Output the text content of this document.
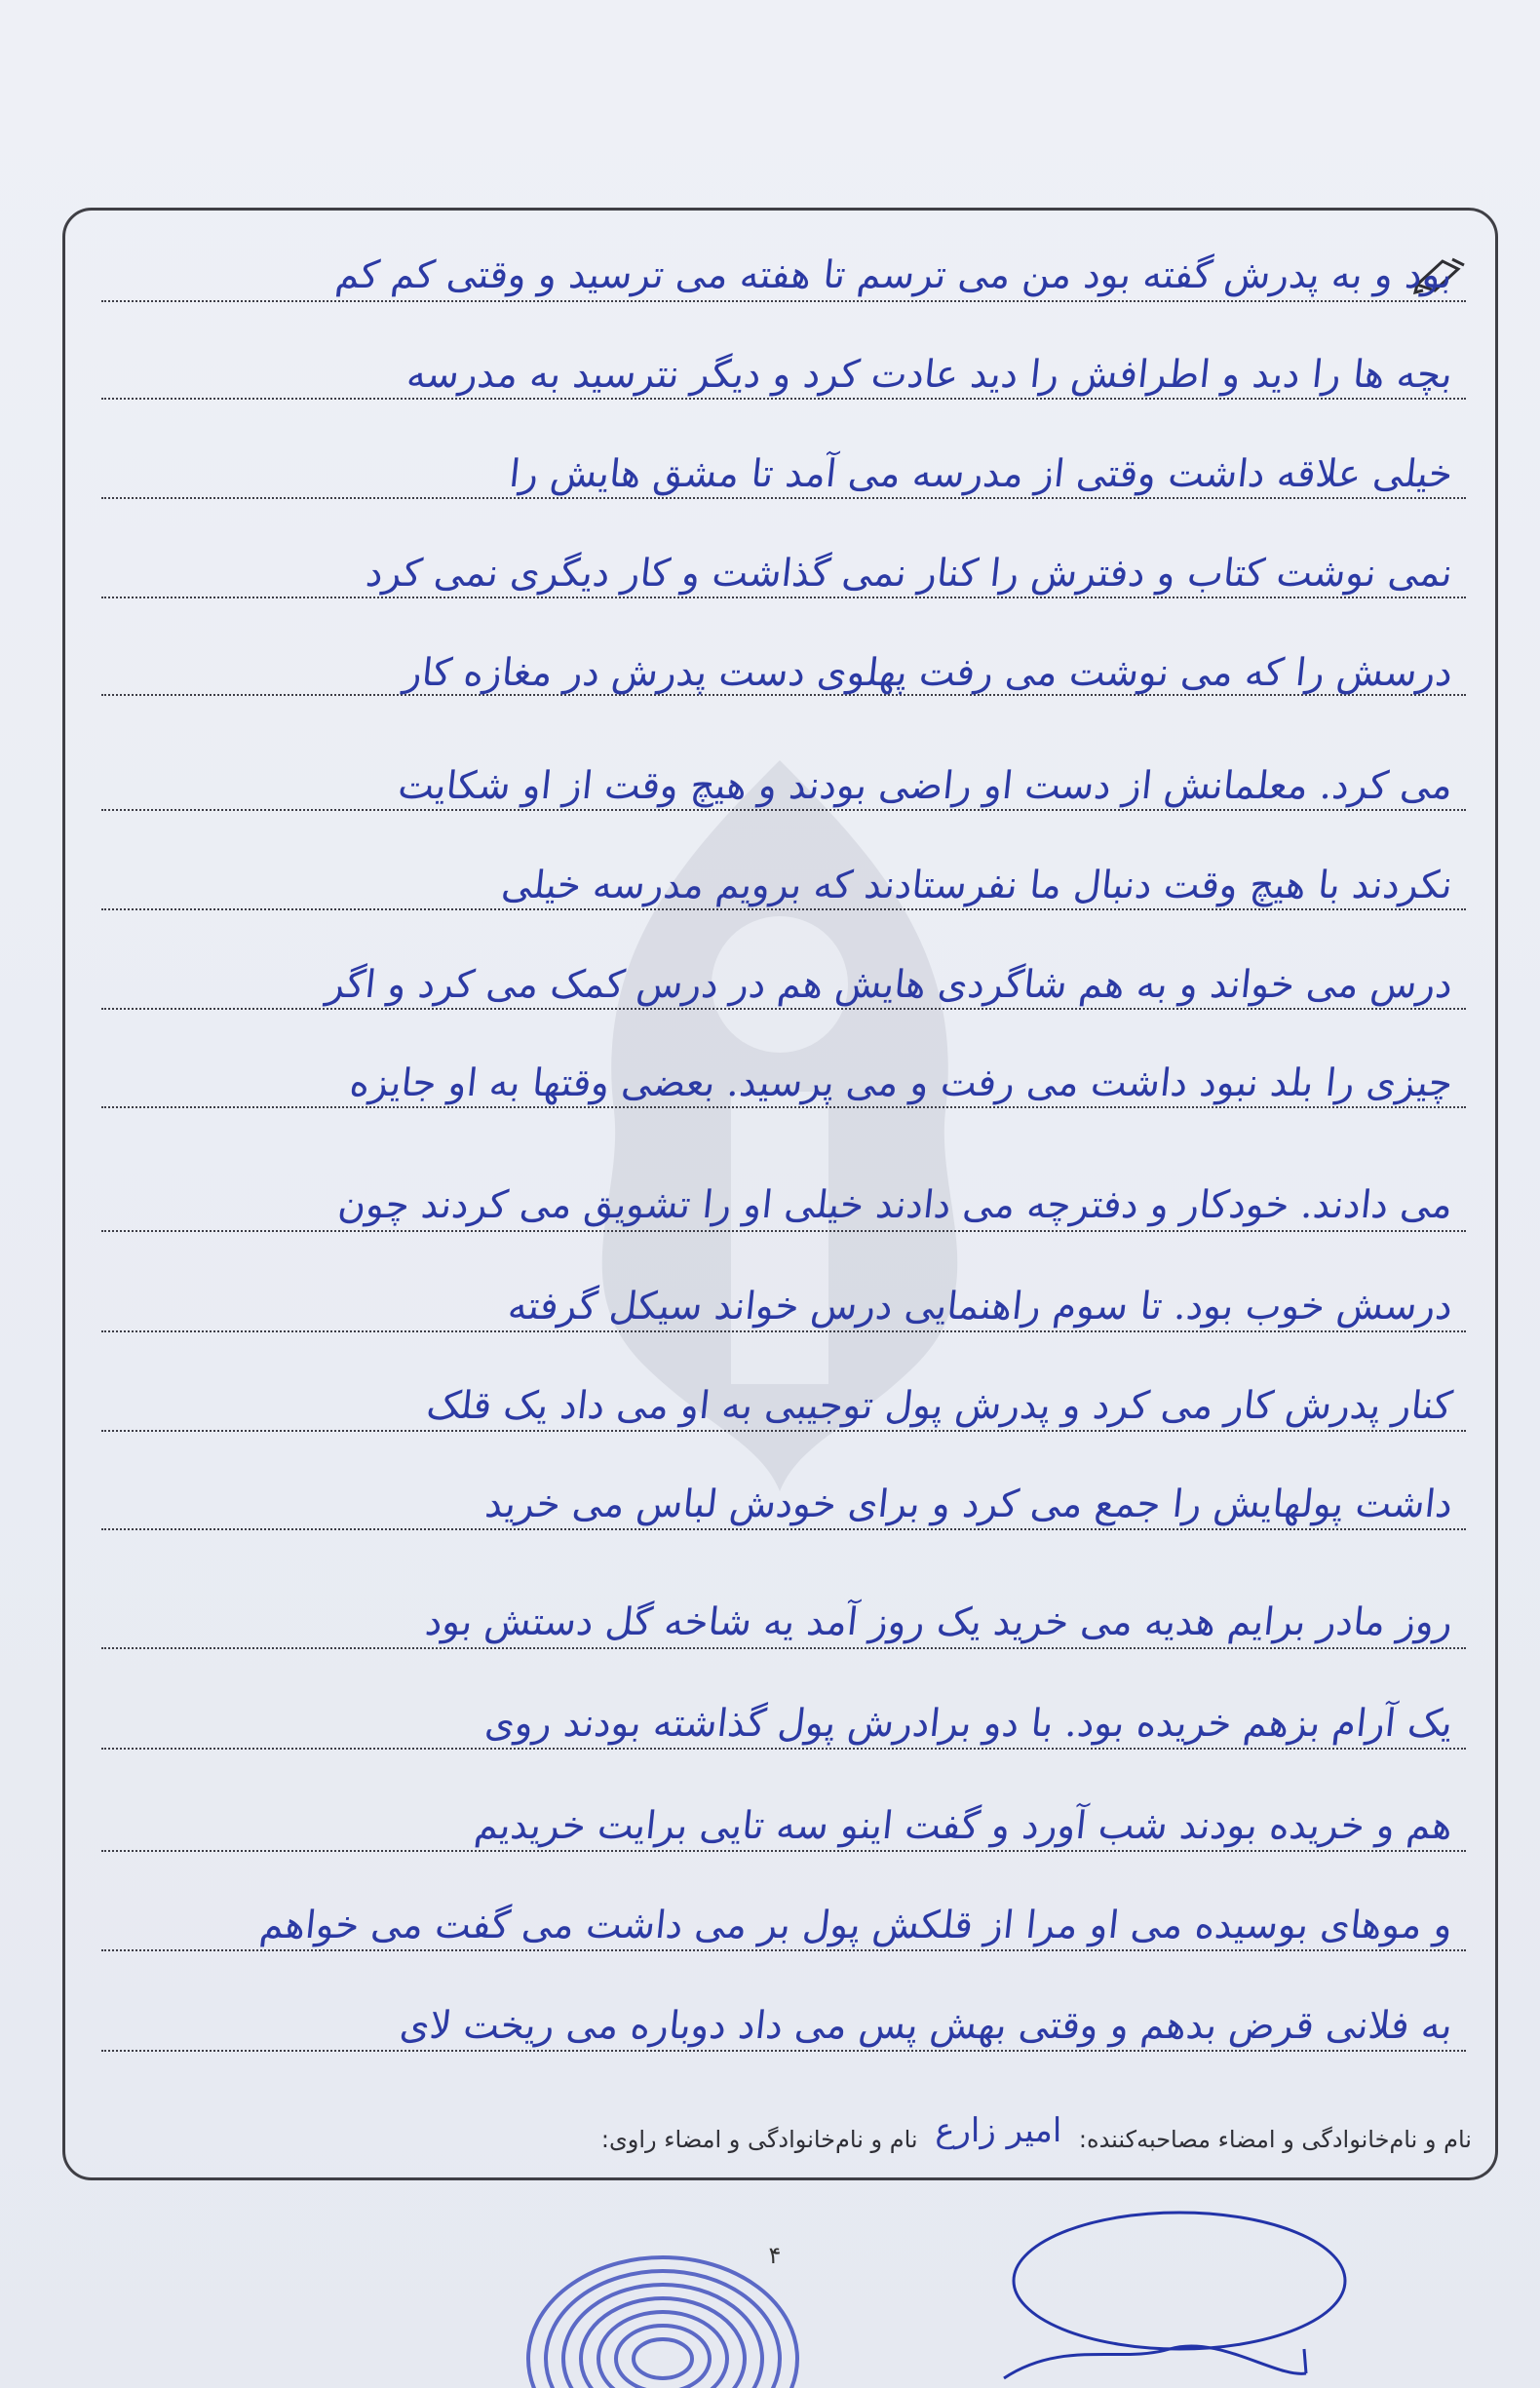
بود و به پدرش گفته بود من می ترسم تا هفته می ترسید و وقتی کم کم
بچه ها را دید و اطرافش را دید عادت کرد و دیگر نترسید به مدرسه
خیلی علاقه داشت وقتی از مدرسه می آمد تا مشق هایش را
نمی نوشت کتاب و دفترش را کنار نمی گذاشت و کار دیگری نمی کرد
درسش را که می نوشت می رفت پهلوی دست پدرش در مغازه کار
می کرد. معلمانش از دست او راضی بودند و هیچ وقت از او شکایت
نکردند با هیچ وقت دنبال ما نفرستادند که برویم مدرسه خیلی
درس می خواند و به هم شاگردی هایش هم در درس کمک می کرد و اگر
چیزی را بلد نبود داشت می رفت و می پرسید. بعضی وقتها به او جایزه
می دادند. خودکار و دفترچه می دادند خیلی او را تشویق می کردند چون
درسش خوب بود. تا سوم راهنمایی درس خواند سیکل گرفته
کنار پدرش کار می کرد و پدرش پول توجیبی به او می داد یک قلک
داشت پولهایش را جمع می کرد و برای خودش لباس می خرید
روز مادر برایم هدیه می خرید یک روز آمد یه شاخه گل دستش بود
یک آرام بزهم خریده بود. با دو برادرش پول گذاشته بودند روی
هم و خریده بودند شب آورد و گفت اینو سه تایی برایت خریدیم
و موهای بوسیده می او مرا از قلکش پول بر می داشت می گفت می خواهم
به فلانی قرض بدهم و وقتی بهش پس می داد دوباره می ریخت لای
نام و نام‌خانوادگی و امضاء مصاحبه‌کننده: امیر زارع نام و نام‌خانوادگی و امضاء راوی:
۴
